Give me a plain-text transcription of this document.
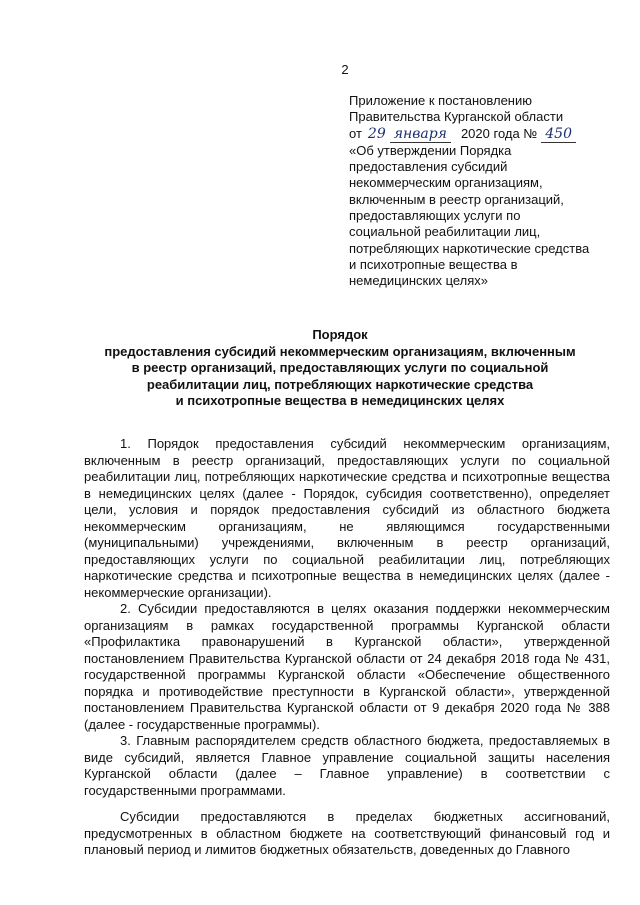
2
Приложение к постановлению
Правительства Курганской области
от 29 января 2020 года № 450
«Об утверждении Порядка
предоставления субсидий
некоммерческим организациям,
включенным в реестр организаций,
предоставляющих услуги по
социальной реабилитации лиц,
потребляющих наркотические средства
и психотропные вещества в
немедицинских целях»
Порядок
предоставления субсидий некоммерческим организациям, включенным
в реестр организаций, предоставляющих услуги по социальной
реабилитации лиц, потребляющих наркотические средства
и психотропные вещества в немедицинских целях

1. Порядок предоставления субсидий некоммерческим организациям, включенным в реестр организаций, предоставляющих услуги по социальной реабилитации лиц, потребляющих наркотические средства и психотропные вещества в немедицинских целях (далее - Порядок, субсидия соответственно), определяет цели, условия и порядок предоставления субсидий из областного бюджета некоммерческим организациям, не являющимся государственными (муниципальными) учреждениями, включенным в реестр организаций, предоставляющих услуги по социальной реабилитации лиц, потребляющих наркотические средства и психотропные вещества в немедицинских целях (далее - некоммерческие организации).

2. Субсидии предоставляются в целях оказания поддержки некоммерческим организациям в рамках государственной программы Курганской области «Профилактика правонарушений в Курганской области», утвержденной постановлением Правительства Курганской области от 24 декабря 2018 года № 431, государственной программы Курганской области «Обеспечение общественного порядка и противодействие преступности в Курганской области», утвержденной постановлением Правительства Курганской области от 9 декабря 2020 года № 388 (далее - государственные программы).

3. Главным распорядителем средств областного бюджета, предоставляемых в виде субсидий, является Главное управление социальной защиты населения Курганской области (далее – Главное управление) в соответствии с государственными программами.

Субсидии предоставляются в пределах бюджетных ассигнований, предусмотренных в областном бюджете на соответствующий финансовый год и плановый период и лимитов бюджетных обязательств, доведенных до Главного
